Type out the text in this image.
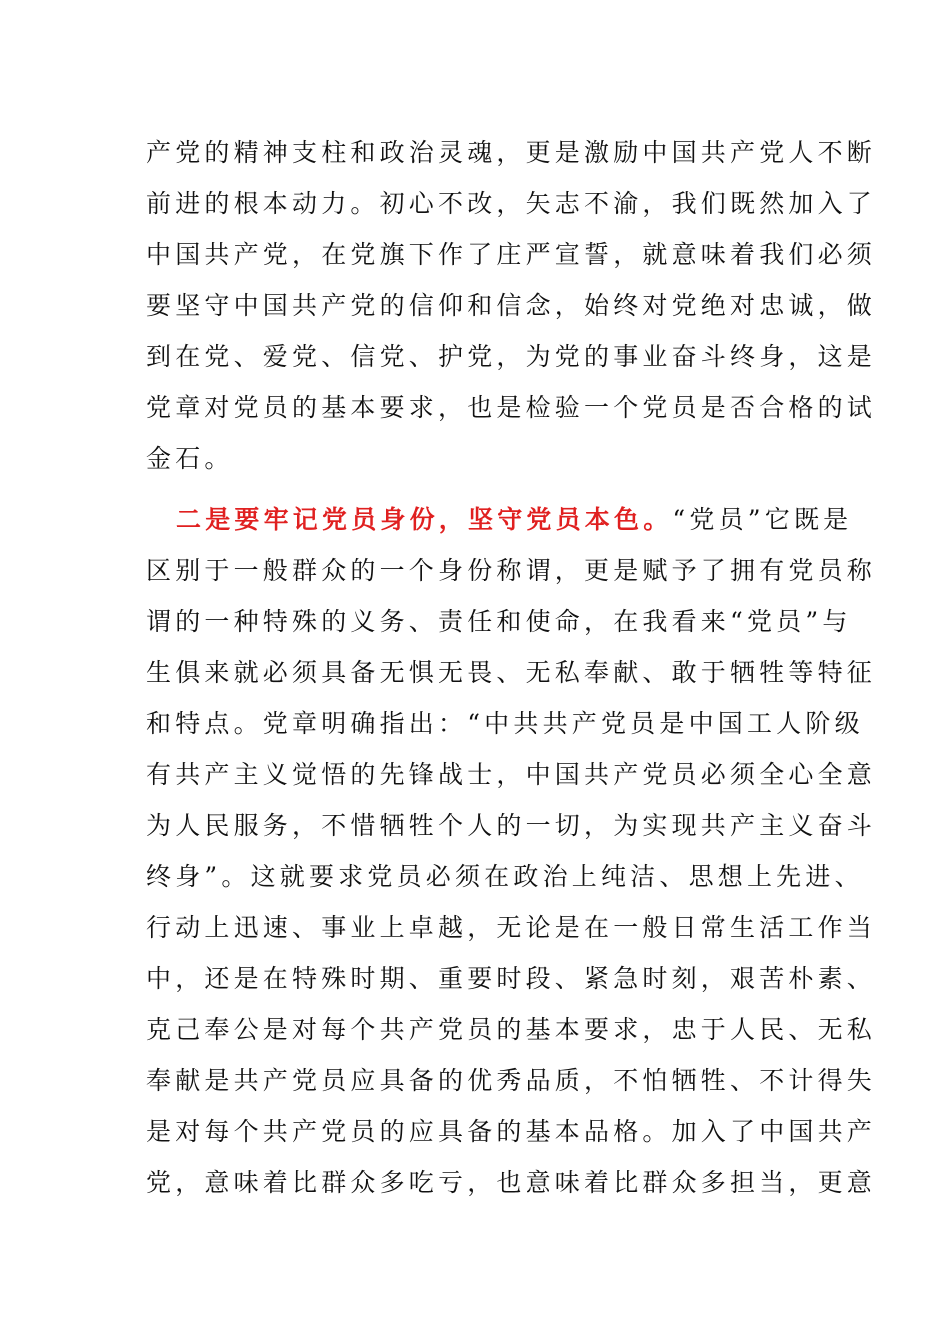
产党的精神支柱和政治灵魂，更是激励中国共产党人不断
前进的根本动力。初心不改，矢志不渝，我们既然加入了
中国共产党，在党旗下作了庄严宣誓，就意味着我们必须
要坚守中国共产党的信仰和信念，始终对党绝对忠诚，做
到在党、爱党、信党、护党，为党的事业奋斗终身，这是
党章对党员的基本要求，也是检验一个党员是否合格的试
金石。
二是要牢记党员身份，坚守党员本色。“党员”它既是
区别于一般群众的一个身份称谓，更是赋予了拥有党员称
谓的一种特殊的义务、责任和使命，在我看来“党员”与
生俱来就必须具备无惧无畏、无私奉献、敢于牺牲等特征
和特点。党章明确指出：“中共共产党员是中国工人阶级
有共产主义觉悟的先锋战士，中国共产党员必须全心全意
为人民服务，不惜牺牲个人的一切，为实现共产主义奋斗
终身”。这就要求党员必须在政治上纯洁、思想上先进、
行动上迅速、事业上卓越，无论是在一般日常生活工作当
中，还是在特殊时期、重要时段、紧急时刻，艰苦朴素、
克己奉公是对每个共产党员的基本要求，忠于人民、无私
奉献是共产党员应具备的优秀品质，不怕牺牲、不计得失
是对每个共产党员的应具备的基本品格。加入了中国共产
党，意味着比群众多吃亏，也意味着比群众多担当，更意
